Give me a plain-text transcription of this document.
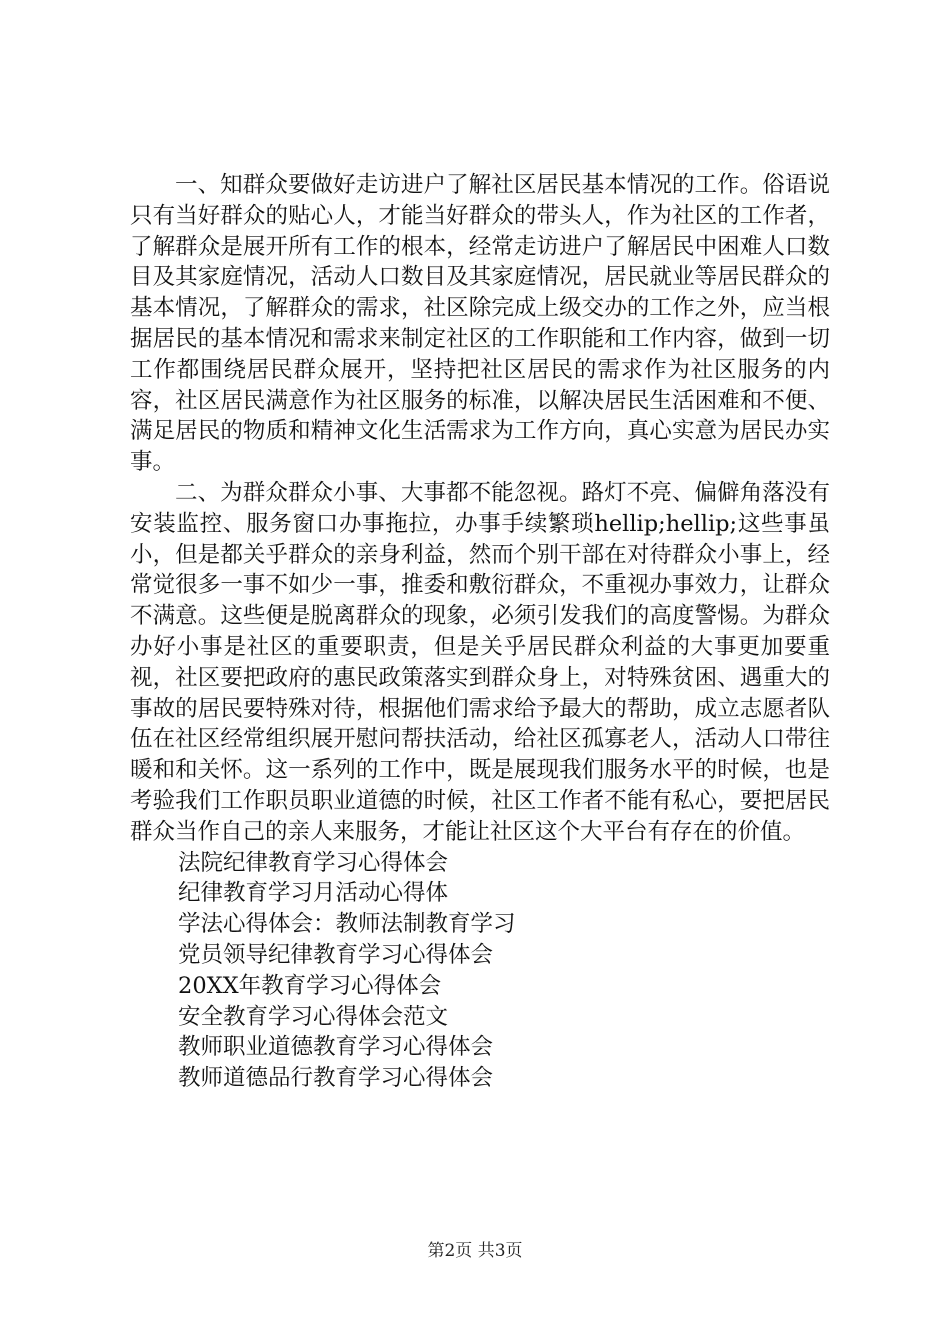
一、知群众要做好走访进户了解社区居民基本情况的工作。俗语说只有当好群众的贴心人，才能当好群众的带头人，作为社区的工作者，了解群众是展开所有工作的根本，经常走访进户了解居民中困难人口数目及其家庭情况，活动人口数目及其家庭情况，居民就业等居民群众的基本情况，了解群众的需求，社区除完成上级交办的工作之外，应当根据居民的基本情况和需求来制定社区的工作职能和工作内容，做到一切工作都围绕居民群众展开，坚持把社区居民的需求作为社区服务的内容，社区居民满意作为社区服务的标准，以解决居民生活困难和不便、满足居民的物质和精神文化生活需求为工作方向，真心实意为居民办实事。

二、为群众群众小事、大事都不能忽视。路灯不亮、偏僻角落没有安装监控、服务窗口办事拖拉，办事手续繁琐hellip;hellip;这些事虽小，但是都关乎群众的亲身利益，然而个别干部在对待群众小事上，经常觉很多一事不如少一事，推委和敷衍群众，不重视办事效力，让群众不满意。这些便是脱离群众的现象，必须引发我们的高度警惕。为群众办好小事是社区的重要职责，但是关乎居民群众利益的大事更加要重视，社区要把政府的惠民政策落实到群众身上，对特殊贫困、遇重大的事故的居民要特殊对待，根据他们需求给予最大的帮助，成立志愿者队伍在社区经常组织展开慰问帮扶活动，给社区孤寡老人，活动人口带往暖和和关怀。这一系列的工作中，既是展现我们服务水平的时候，也是考验我们工作职员职业道德的时候，社区工作者不能有私心，要把居民群众当作自己的亲人来服务，才能让社区这个大平台有存在的价值。

法院纪律教育学习心得体会
纪律教育学习月活动心得体
学法心得体会：教师法制教育学习
党员领导纪律教育学习心得体会
20XX年教育学习心得体会
安全教育学习心得体会范文
教师职业道德教育学习心得体会
教师道德品行教育学习心得体会
第2页 共3页
